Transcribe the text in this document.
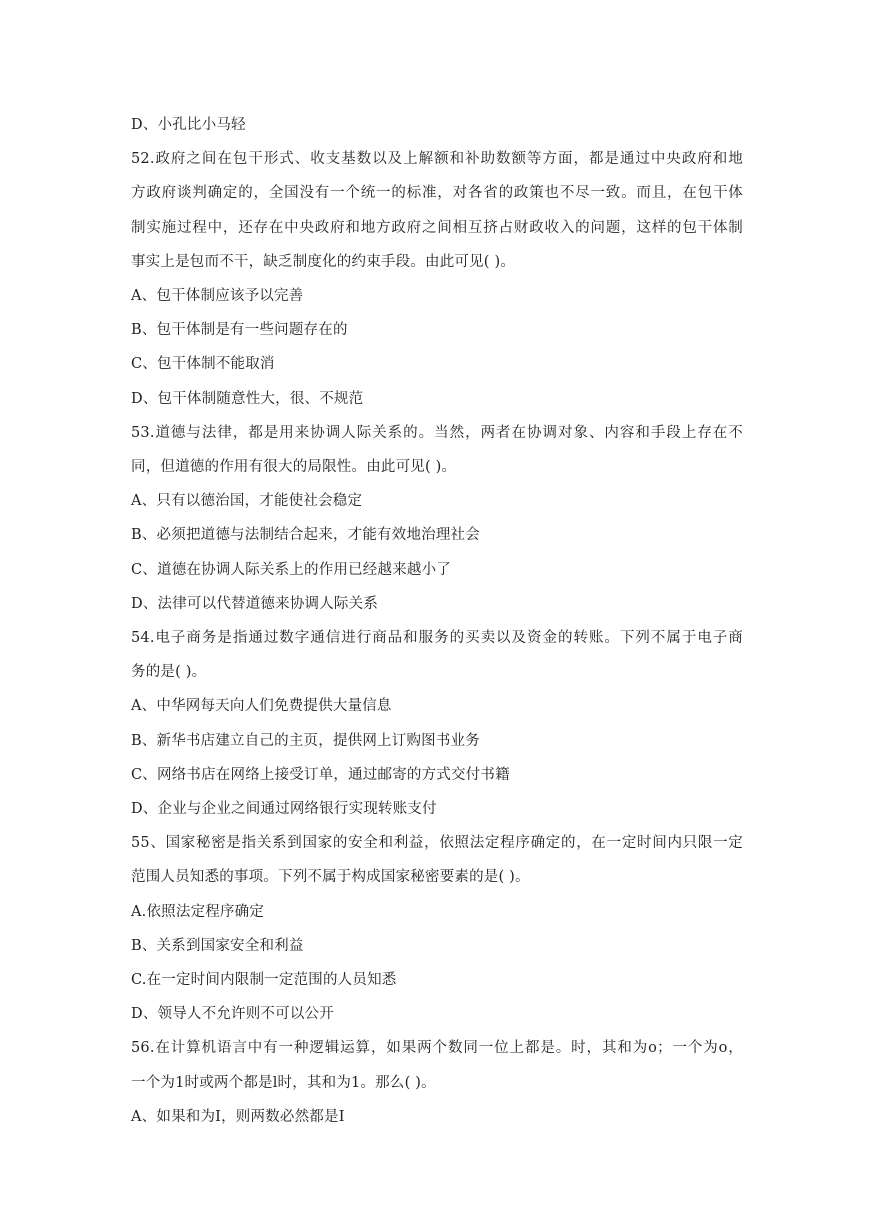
D、小孔比小马轻
52.政府之间在包干形式、收支基数以及上解额和补助数额等方面，都是通过中央政府和地
方政府谈判确定的，全国没有一个统一的标准，对各省的政策也不尽一致。而且，在包干体
制实施过程中，还存在中央政府和地方政府之间相互挤占财政收入的问题，这样的包干体制
事实上是包而不干，缺乏制度化的约束手段。由此可见( )。
A、包干体制应该予以完善
B、包干体制是有一些问题存在的
C、包干体制不能取消
D、包干体制随意性大，很、不规范
53.道德与法律，都是用来协调人际关系的。当然，两者在协调对象、内容和手段上存在不
同，但道德的作用有很大的局限性。由此可见( )。
A、只有以德治国，才能使社会稳定
B、必须把道德与法制结合起来，才能有效地治理社会
C、道德在协调人际关系上的作用已经越来越小了
D、法律可以代替道德来协调人际关系
54.电子商务是指通过数字通信进行商品和服务的买卖以及资金的转账。下列不属于电子商
务的是( )。
A、中华网每天向人们免费提供大量信息
B、新华书店建立自己的主页，提供网上订购图书业务
C、网络书店在网络上接受订单，通过邮寄的方式交付书籍
D、企业与企业之间通过网络银行实现转账支付
55、国家秘密是指关系到国家的安全和利益，依照法定程序确定的，在一定时间内只限一定
范围人员知悉的事项。下列不属于构成国家秘密要素的是( )。
A.依照法定程序确定
B、关系到国家安全和利益
C.在一定时间内限制一定范围的人员知悉
D、领导人不允许则不可以公开
56.在计算机语言中有一种逻辑运算，如果两个数同一位上都是。时，其和为o；一个为o，
一个为1时或两个都是l时，其和为1。那么( )。
A、如果和为I，则两数必然都是I
